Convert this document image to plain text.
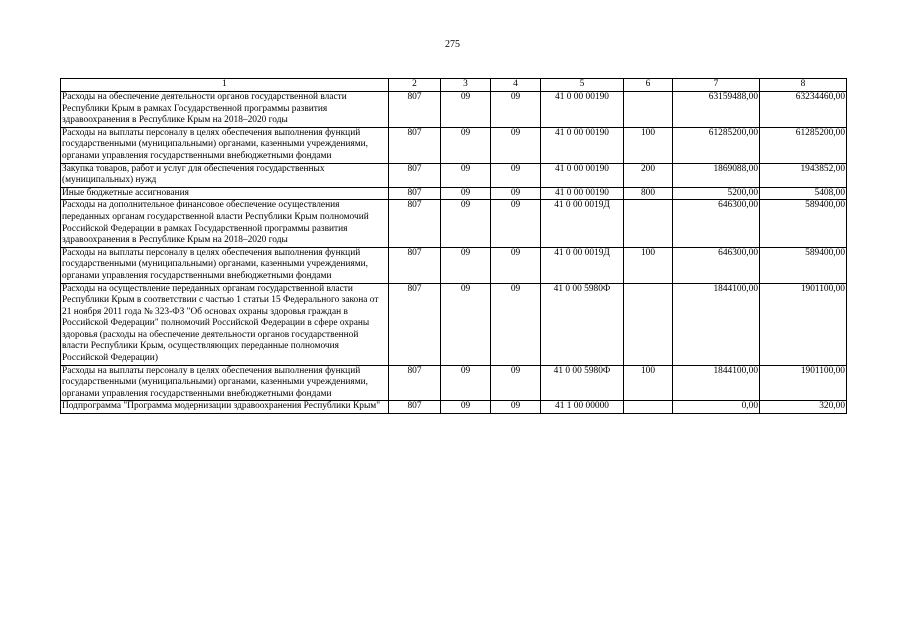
275
1	2	3	4	5	6	7	8
Расходы на обеспечение деятельности органов государственной власти Республики Крым в рамках Государственной программы развития здравоохранения в Республике Крым на 2018–2020 годы	807	09	09	41 0 00 00190		63159488,00	63234460,00
Расходы на выплаты персоналу в целях обеспечения выполнения функций государственными (муниципальными) органами, казенными учреждениями, органами управления государственными внебюджетными фондами	807	09	09	41 0 00 00190	100	61285200,00	61285200,00
Закупка товаров, работ и услуг для обеспечения государственных (муниципальных) нужд	807	09	09	41 0 00 00190	200	1869088,00	1943852,00
Иные бюджетные ассигнования	807	09	09	41 0 00 00190	800	5200,00	5408,00
Расходы на дополнительное финансовое обеспечение осуществления переданных органам государственной власти Республики Крым полномочий Российской Федерации в рамках Государственной программы развития здравоохранения в Республике Крым на 2018–2020 годы	807	09	09	41 0 00 0019Д		646300,00	589400,00
Расходы на выплаты персоналу в целях обеспечения выполнения функций государственными (муниципальными) органами, казенными учреждениями, органами управления государственными внебюджетными фондами	807	09	09	41 0 00 0019Д	100	646300,00	589400,00
Расходы на осуществление переданных органам государственной власти Республики Крым в соответствии с частью 1 статьи 15 Федерального закона от 21 ноября 2011 года № 323-ФЗ "Об основах охраны здоровья граждан в Российской Федерации" полномочий Российской Федерации в сфере охраны здоровья (расходы на обеспечение деятельности органов государственной власти Республики Крым, осуществляющих переданные полномочия Российской Федерации)	807	09	09	41 0 00 5980Ф		1844100,00	1901100,00
Расходы на выплаты персоналу в целях обеспечения выполнения функций государственными (муниципальными) органами, казенными учреждениями, органами управления государственными внебюджетными фондами	807	09	09	41 0 00 5980Ф	100	1844100,00	1901100,00
Подпрограмма "Программа модернизации здравоохранения Республики Крым"	807	09	09	41 1 00 00000		0,00	320,00
